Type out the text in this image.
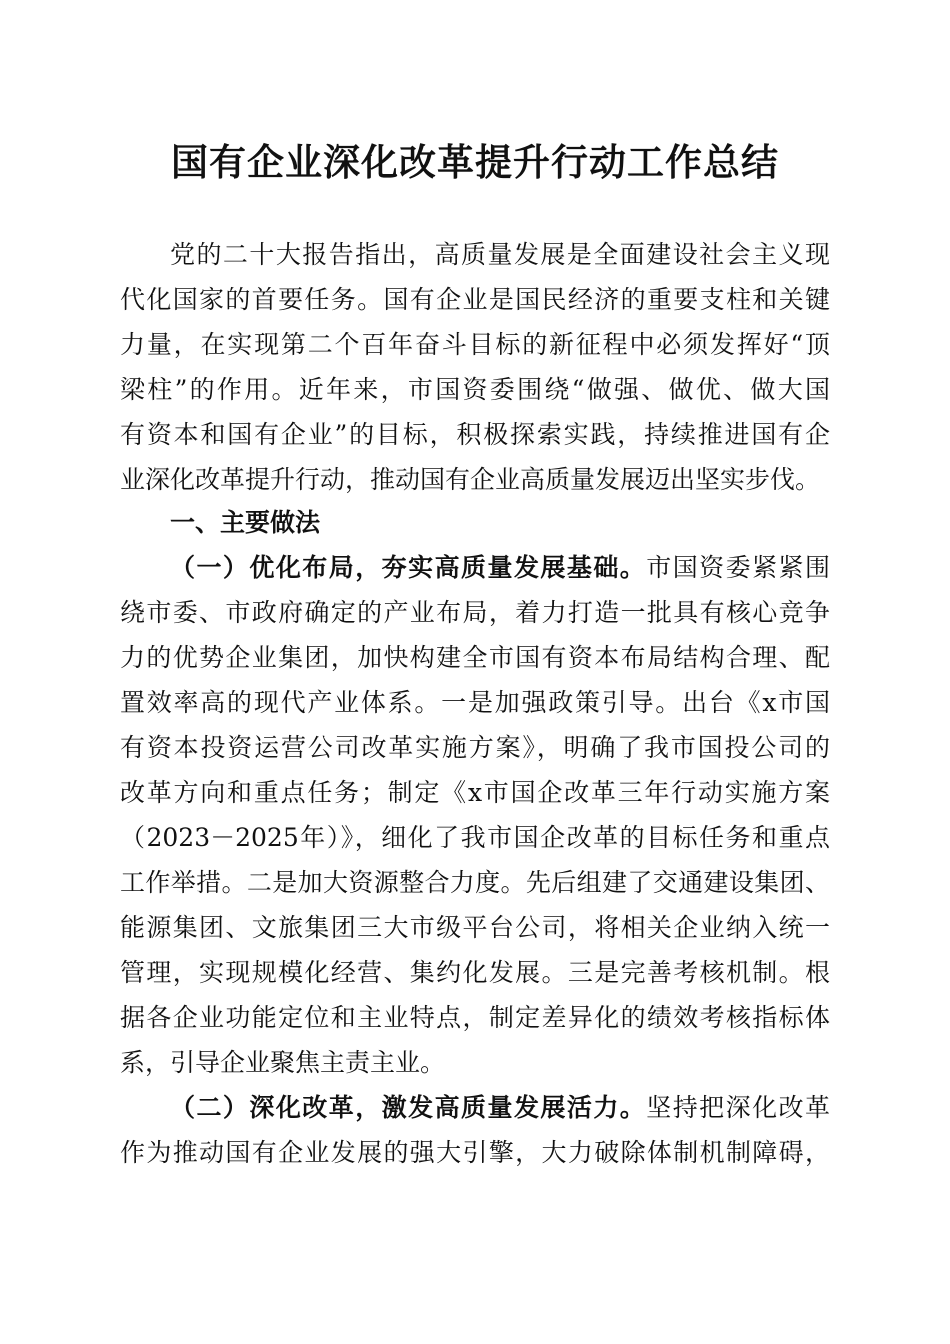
国有企业深化改革提升行动工作总结
党的二十大报告指出，高质量发展是全面建设社会主义现
代化国家的首要任务。国有企业是国民经济的重要支柱和关键
力量，在实现第二个百年奋斗目标的新征程中必须发挥好“顶
梁柱”的作用。近年来，市国资委围绕“做强、做优、做大国
有资本和国有企业”的目标，积极探索实践，持续推进国有企
业深化改革提升行动，推动国有企业高质量发展迈出坚实步伐。
一、主要做法
（一）优化布局，夯实高质量发展基础。市国资委紧紧围
绕市委、市政府确定的产业布局，着力打造一批具有核心竞争
力的优势企业集团，加快构建全市国有资本布局结构合理、配
置效率高的现代产业体系。一是加强政策引导。出台《x市国
有资本投资运营公司改革实施方案》，明确了我市国投公司的
改革方向和重点任务；制定《x市国企改革三年行动实施方案
（2023－2025年）》，细化了我市国企改革的目标任务和重点
工作举措。二是加大资源整合力度。先后组建了交通建设集团、
能源集团、文旅集团三大市级平台公司，将相关企业纳入统一
管理，实现规模化经营、集约化发展。三是完善考核机制。根
据各企业功能定位和主业特点，制定差异化的绩效考核指标体
系，引导企业聚焦主责主业。
（二）深化改革，激发高质量发展活力。坚持把深化改革
作为推动国有企业发展的强大引擎，大力破除体制机制障碍，
